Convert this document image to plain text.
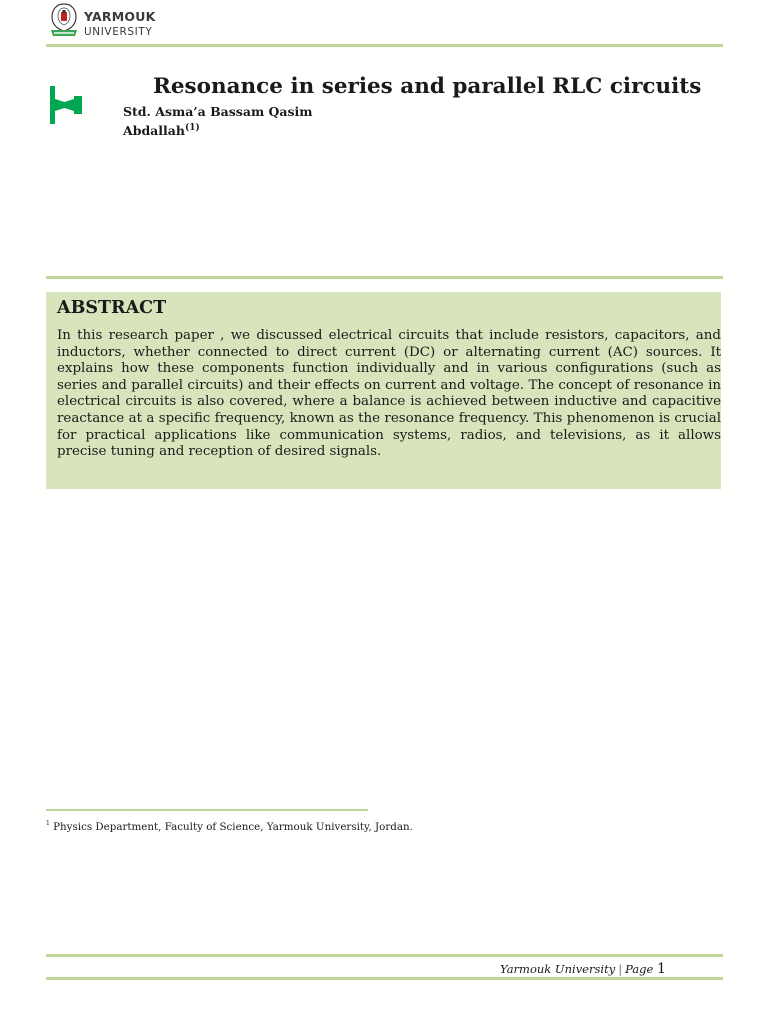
YARMOUK
UNIVERSITY
Resonance in series and parallel RLC circuits
Std. Asma’a Bassam Qasim
Abdallah$^{(1)}$
ABSTRACT

In this research paper , we discussed electrical circuits that include resistors, capacitors, and inductors, whether connected to direct current (DC) or alternating current (AC) sources. It explains how these components function individually and in various configurations (such as series and parallel circuits) and their effects on current and voltage. The concept of resonance in electrical circuits is also covered, where a balance is achieved between inductive and capacitive reactance at a specific frequency, known as the resonance frequency. This phenomenon is crucial for practical applications like communication systems, radios, and televisions, as it allows precise tuning and reception of desired signals.

$^1$ Physics Department, Faculty of Science, Yarmouk University, Jordan.
Yarmouk University | Page 1
